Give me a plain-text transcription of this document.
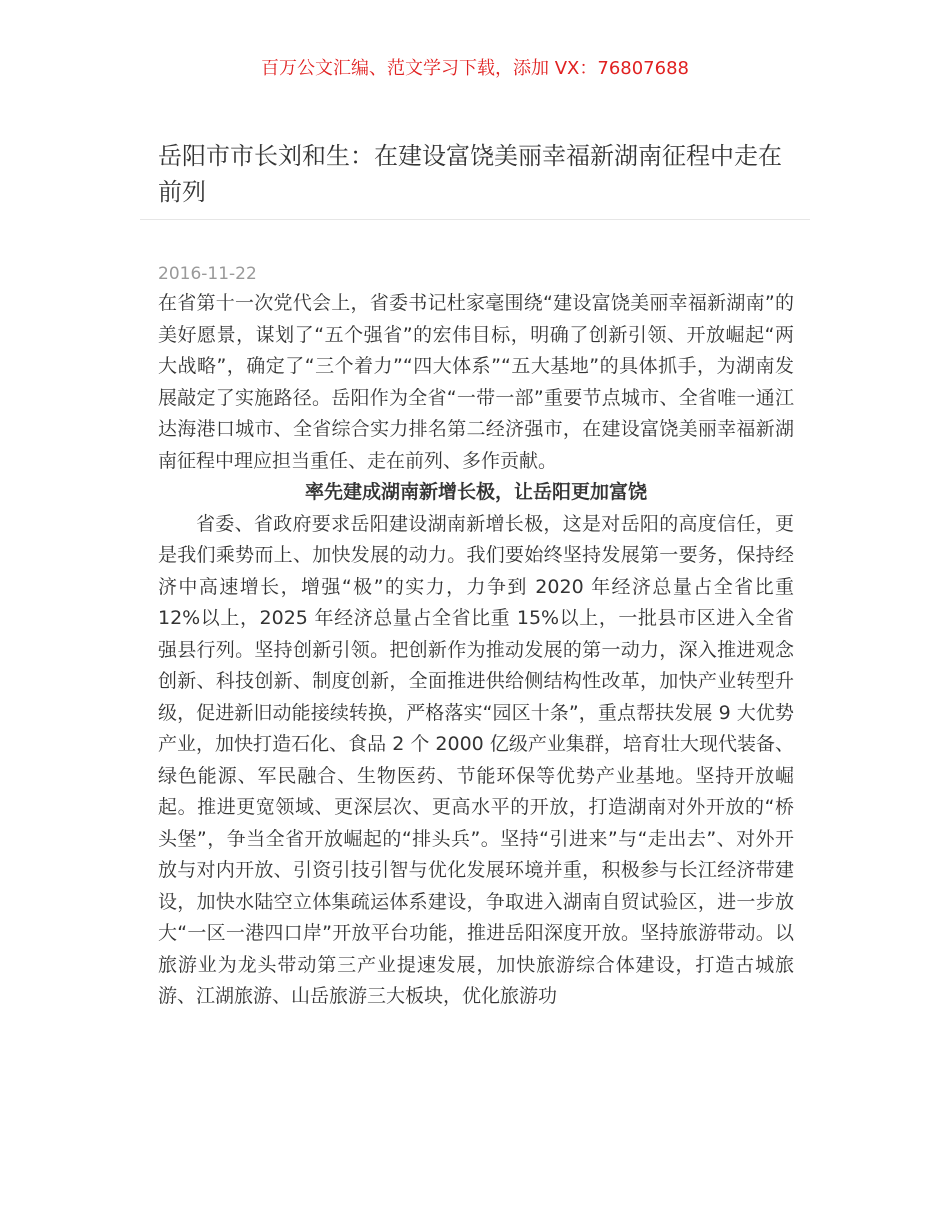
百万公文汇编、范文学习下载，添加 VX：76807688
岳阳市市长刘和生：在建设富饶美丽幸福新湖南征程中走在前列
2016-11-22

在省第十一次党代会上，省委书记杜家毫围绕“建设富饶美丽幸福新湖南”的美好愿景，谋划了“五个强省”的宏伟目标，明确了创新引领、开放崛起“两大战略”，确定了“三个着力”“四大体系”“五大基地”的具体抓手，为湖南发展敲定了实施路径。岳阳作为全省“一带一部”重要节点城市、全省唯一通江达海港口城市、全省综合实力排名第二经济强市，在建设富饶美丽幸福新湖南征程中理应担当重任、走在前列、多作贡献。

率先建成湖南新增长极，让岳阳更加富饶

省委、省政府要求岳阳建设湖南新增长极，这是对岳阳的高度信任，更是我们乘势而上、加快发展的动力。我们要始终坚持发展第一要务，保持经济中高速增长，增强“极”的实力，力争到 2020 年经济总量占全省比重 12%以上，2025 年经济总量占全省比重 15%以上，一批县市区进入全省强县行列。坚持创新引领。把创新作为推动发展的第一动力，深入推进观念创新、科技创新、制度创新，全面推进供给侧结构性改革，加快产业转型升级，促进新旧动能接续转换，严格落实“园区十条”，重点帮扶发展 9 大优势产业，加快打造石化、食品 2 个 2000 亿级产业集群，培育壮大现代装备、绿色能源、军民融合、生物医药、节能环保等优势产业基地。坚持开放崛起。推进更宽领域、更深层次、更高水平的开放，打造湖南对外开放的“桥头堡”，争当全省开放崛起的“排头兵”。坚持“引进来”与“走出去”、对外开放与对内开放、引资引技引智与优化发展环境并重，积极参与长江经济带建设，加快水陆空立体集疏运体系建设，争取进入湖南自贸试验区，进一步放大“一区一港四口岸”开放平台功能，推进岳阳深度开放。坚持旅游带动。以旅游业为龙头带动第三产业提速发展，加快旅游综合体建设，打造古城旅游、江湖旅游、山岳旅游三大板块，优化旅游功
